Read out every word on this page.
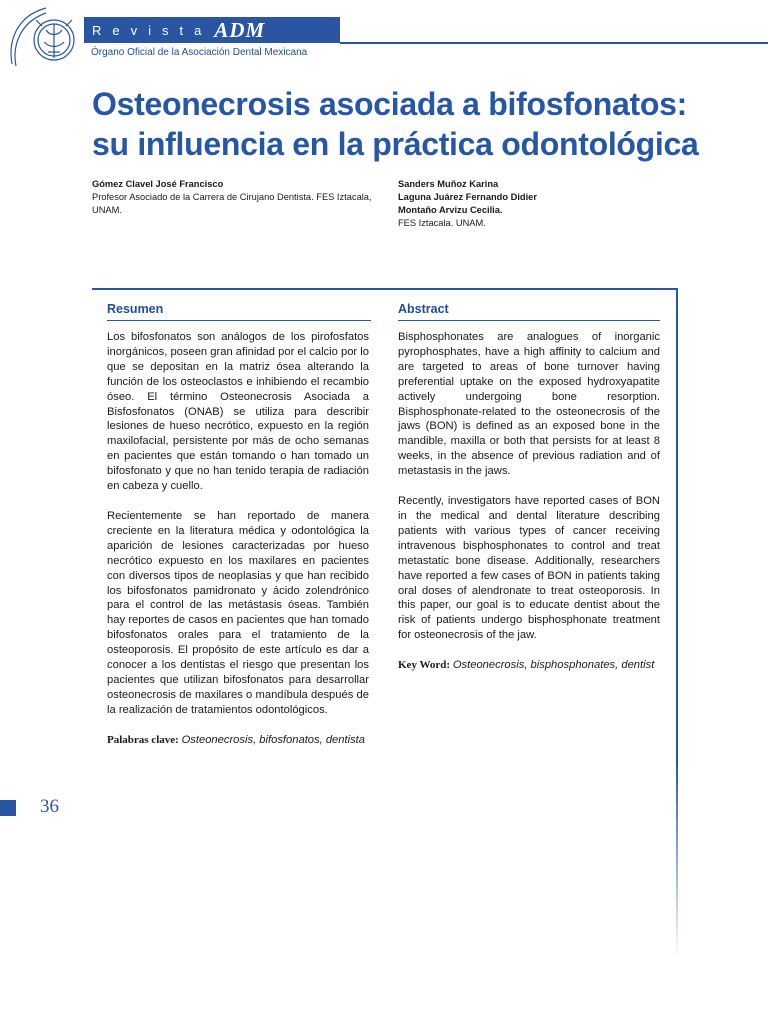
Revista ADM
Órgano Oficial de la Asociación Dental Mexicana
Osteonecrosis asociada a bifosfonatos:
su influencia en la práctica odontológica
Gómez Clavel José Francisco
Profesor Asociado de la Carrera de Cirujano Dentista. FES Iztacala, UNAM.
Sanders Muñoz Karina
Laguna Juárez Fernando Didier
Montaño Arvizu Cecilia.
FES Iztacala. UNAM.
Resumen

Los bifosfonatos son análogos de los pirofosfatos inorgánicos, poseen gran afinidad por el calcio por lo que se depositan en la matriz ósea alterando la función de los osteoclastos e inhibiendo el recambio óseo. El término Osteonecrosis Asociada a Bisfosfonatos (ONAB) se utiliza para describir lesiones de hueso necrótico, expuesto en la región maxilofacial, persistente por más de ocho semanas en pacientes que están tomando o han tomado un bifosfonato y que no han tenido terapia de radiación en cabeza y cuello.

Recientemente se han reportado de manera creciente en la literatura médica y odontológica la aparición de lesiones caracterizadas por hueso necrótico expuesto en los maxilares en pacientes con diversos tipos de neoplasias y que han recibido los bifosfonatos pamidronato y ácido zolendrónico para el control de las metástasis óseas. También hay reportes de casos en pacientes que han tomado bifosfonatos orales para el tratamiento de la osteoporosis. El propósito de este artículo es dar a conocer a los dentistas el riesgo que presentan los pacientes que utilizan bifosfonatos para desarrollar osteonecrosis de maxilares o mandíbula después de la realización de tratamientos odontológicos.

Palabras clave: Osteonecrosis, bifosfonatos, dentista
Abstract

Bisphosphonates are analogues of inorganic pyrophosphates, have a high affinity to calcium and are targeted to areas of bone turnover having preferential uptake on the exposed hydroxyapatite actively undergoing bone resorption. Bisphosphonate-related to the osteonecrosis of the jaws (BON) is defined as an exposed bone in the mandible, maxilla or both that persists for at least 8 weeks, in the absence of previous radiation and of metastasis in the jaws.

Recently, investigators have reported cases of BON in the medical and dental literature describing patients with various types of cancer receiving intravenous bisphosphonates to control and treat metastatic bone disease. Additionally, researchers have reported a few cases of BON in patients taking oral doses of alendronate to treat osteoporosis. In this paper, our goal is to educate dentist about the risk of patients undergo bisphosphonate treatment for osteonecrosis of the jaw.

Key Word: Osteonecrosis, bisphosphonates, dentist
36
